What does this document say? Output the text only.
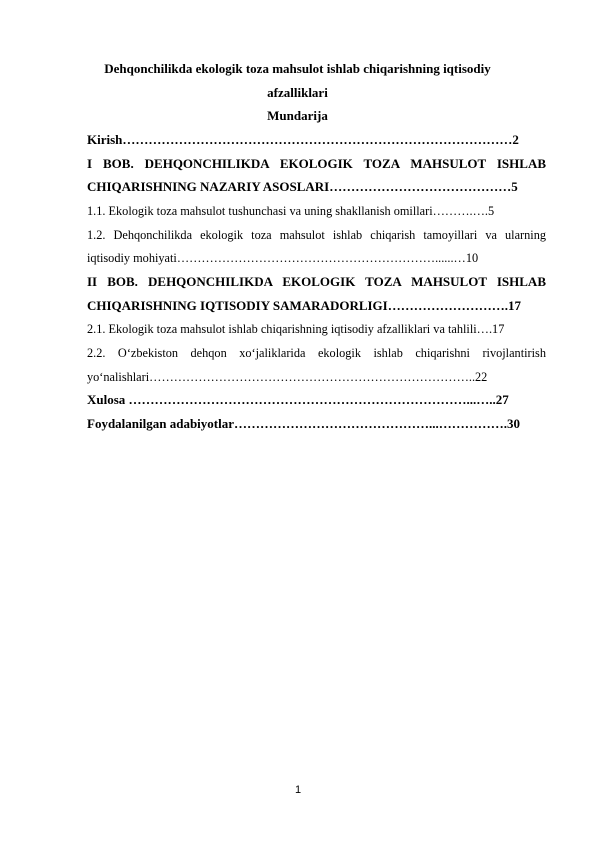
Dehqonchilikda ekologik toza mahsulot ishlab chiqarishning iqtisodiy
afzalliklari
Mundarija
Kirish………………………………………………………………………………2
I BOB. DEHQONCHILIKDA EKOLOGIK TOZA MAHSULOT ISHLAB
CHIQARISHNING NAZARIY ASOSLARI……………………………………5
1.1. Ekologik toza mahsulot tushunchasi va uning shakllanish omillari……….….5
1.2. Dehqonchilikda ekologik toza mahsulot ishlab chiqarish tamoyillari va ularning
iqtisodiy mohiyati………………………………………………………......…10
II BOB. DEHQONCHILIKDA EKOLOGIK TOZA MAHSULOT ISHLAB
CHIQARISHNING IQTISODIY SAMARADORLIGI……………………….17
2.1. Ekologik toza mahsulot ishlab chiqarishning iqtisodiy afzalliklari va tahlili….17
2.2. O‘zbekiston dehqon xo‘jaliklarida ekologik ishlab chiqarishni rivojlantirish
yo‘nalishlari……………………………………………………………………..22
Xulosa ……………………………………………………………………...…..27
Foydalanilgan adabiyotlar………………………………………...…………….30
1
